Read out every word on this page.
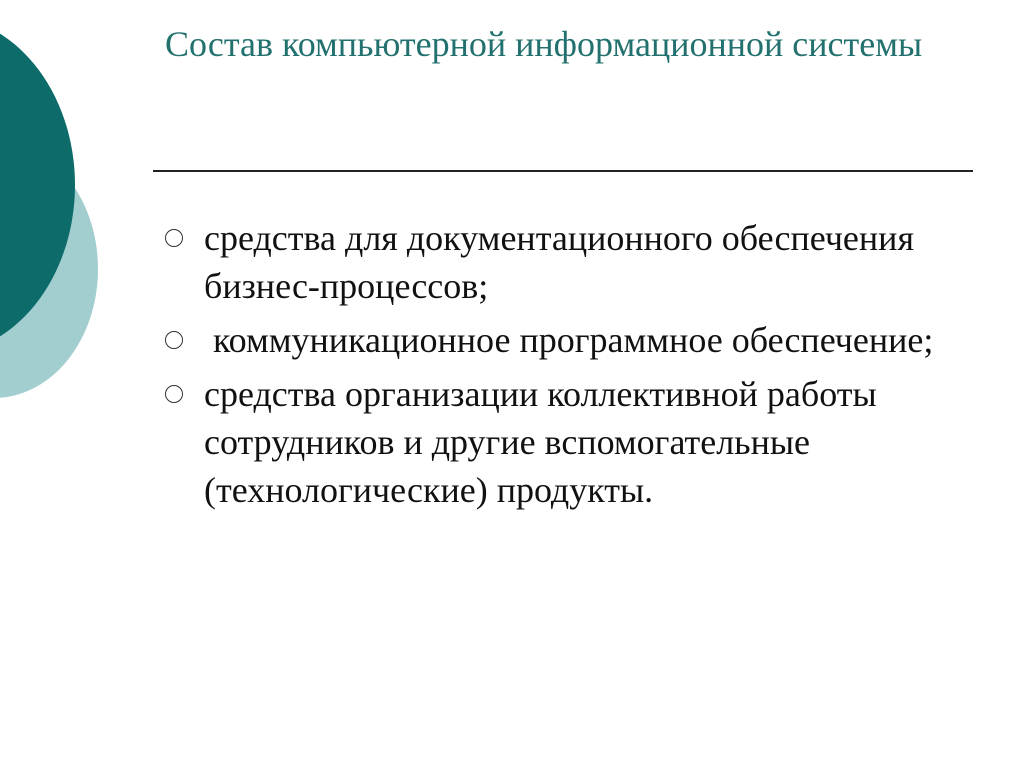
Состав компьютерной информационной системы
средства для документационного обеспечения бизнес-процессов;
коммуникационное программное обеспечение;
средства организации коллективной работы сотрудников и другие вспомогательные (технологические) продукты.
